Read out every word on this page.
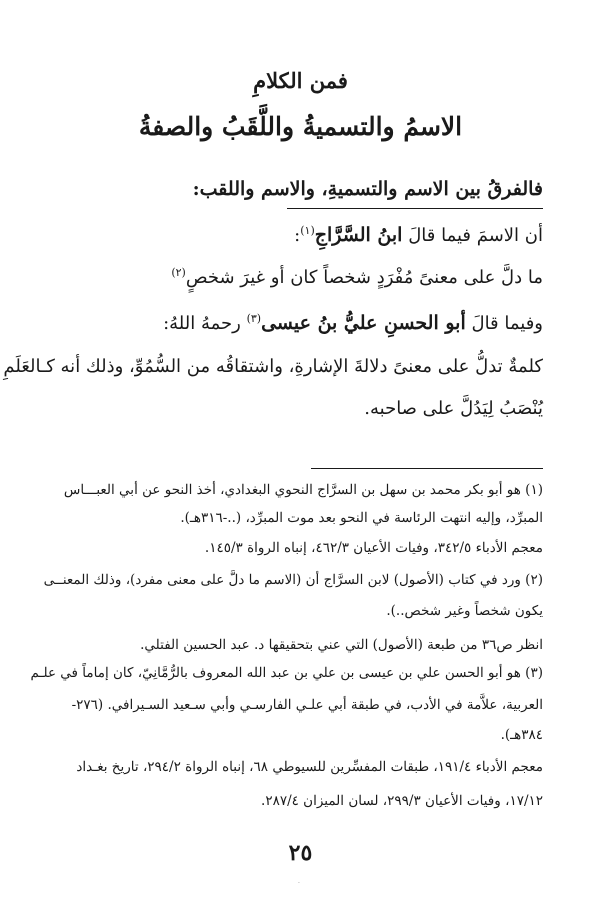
فمن الكلامِ
الاسمُ والتسميةُ واللَّقَبُ والصفةُ
فالفرقُ بين الاسم والتسميةِ، والاسم واللقب:
أن الاسمَ فيما قالَ ابنُ السَّرَّاجِ$^{(١)}$:
ما دلَّ على معنىً مُفْرَدٍ شخصاً كان أو غيرَ شخصٍ$^{(٢)}$
وفيما قالَ أبو الحسنِ عليُّ بنُ عيسى$^{(٣)}$ رحمهُ اللهُ:
كلمةٌ تدلُّ على معنىً دلالةَ الإشارةِ، واشتقاقُه من السُّمُوِّ، وذلك أنه كـالعَلَمِ
يُنْصَبُ لِيَدُلَّ على صاحبه.
(١) هو أبو بكر محمد بن سهل بن السرَّاج النحوي البغدادي، أخذ النحو عن أبي العبـــاس
المبرِّد، وإليه انتهت الرئاسة في النحو بعد موت المبرِّد، (..-٣١٦هـ).
معجم الأدباء ٣٤٢/٥، وفيات الأعيان ٤٦٢/٣، إنباه الرواة ١٤٥/٣.
(٢) ورد في كتاب (الأصول) لابن السرَّاج أن (الاسم ما دلَّ على معنى مفرد)، وذلك المعنــى
يكون شخصاً وغير شخص..).
انظر ص٣٦ من طبعة (الأصول) التي عني بتحقيقها د. عبد الحسين الفتلي.
(٣) هو أبو الحسن علي بن عيسى بن علي بن عبد الله المعروف بالرُّمَّانِيّ، كان إماماً في علـم
العربية، علاَّمة في الأدب، في طبقة أبي علـي الفارسـي وأبي سـعيد السـيرافي. (٢٧٦-
٣٨٤هـ).
معجم الأدباء ١٩١/٤، طبقات المفسِّرين للسيوطي ٦٨، إنباه الرواة ٢٩٤/٢، تاريخ بغـداد
١٧/١٢، وفيات الأعيان ٢٩٩/٣، لسان الميزان ٢٨٧/٤.
٢٥
·
